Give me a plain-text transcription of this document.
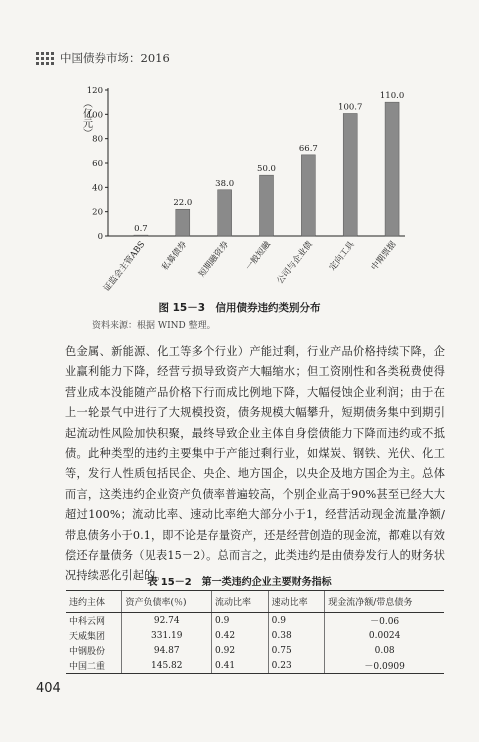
中国债券市场：2016
（亿元）
0
20
40
60
80
100
120
0.7
证监会主管ABS
22.0
私募债券
38.0
短期融资券
50.0
一般短融
66.7
公司与企业债
100.7
定向工具
110.0
中期票据
图 15－3　信用债券违约类别分布
资料来源：根据 WIND 整理。

色金属、新能源、化工等多个行业）产能过剩，行业产品价格持续下降，企业赢利能力下降，经营亏损导致资产大幅缩水；但工资刚性和各类税费使得营业成本没能随产品价格下行而成比例地下降，大幅侵蚀企业利润；由于在上一轮景气中进行了大规模投资，债务规模大幅攀升，短期债务集中到期引起流动性风险加快积聚，最终导致企业主体自身偿债能力下降而违约或不抵债。此种类型的违约主要集中于产能过剩行业，如煤炭、钢铁、光伏、化工等，发行人性质包括民企、央企、地方国企，以央企及地方国企为主。总体而言，这类违约企业资产负债率普遍较高，个别企业高于90%甚至已经大大超过100%；流动比率、速动比率绝大部分小于1，经营活动现金流量净额/带息债务小于0.1，即不论是存量资产，还是经营创造的现金流，都难以有效偿还存量债务（见表15－2）。总而言之，此类违约是由债券发行人的财务状况持续恶化引起的。

表 15－2　第一类违约企业主要财务指标
违约主体	资产负债率(％)	流动比率	速动比率	现金流净额/带息债务
中科云网	92.74	0.9	0.9	－0.06
天威集团	331.19	0.42	0.38	0.0024
中钢股份	94.87	0.92	0.75	0.08
中国二重	145.82	0.41	0.23	－0.0909
404
